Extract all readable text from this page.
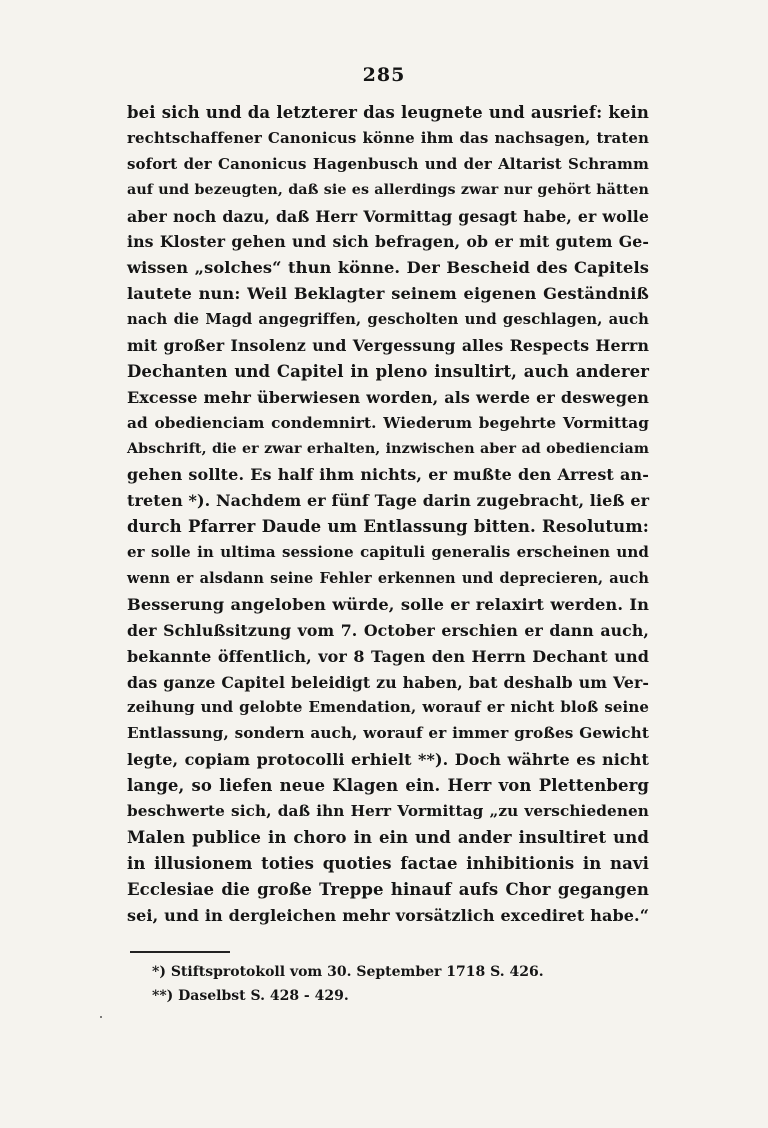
285
bei sich und da letzterer das leugnete und ausrief: kein
rechtschaffener Canonicus könne ihm das nachsagen, traten
sofort der Canonicus Hagenbusch und der Altarist Schramm
auf und bezeugten, daß sie es allerdings zwar nur gehört hätten
aber noch dazu, daß Herr Vormittag gesagt habe, er wolle
ins Kloster gehen und sich befragen, ob er mit gutem Ge-
wissen „solches“ thun könne. Der Bescheid des Capitels
lautete nun: Weil Beklagter seinem eigenen Geständniß
nach die Magd angegriffen, gescholten und geschlagen, auch
mit großer Insolenz und Vergessung alles Respects Herrn
Dechanten und Capitel in pleno insultirt, auch anderer
Excesse mehr überwiesen worden, als werde er deswegen
ad obedienciam condemnirt. Wiederum begehrte Vormittag
Abschrift, die er zwar erhalten, inzwischen aber ad obedienciam
gehen sollte. Es half ihm nichts, er mußte den Arrest an-
treten *). Nachdem er fünf Tage darin zugebracht, ließ er
durch Pfarrer Daude um Entlassung bitten. Resolutum:
er solle in ultima sessione capituli generalis erscheinen und
wenn er alsdann seine Fehler erkennen und deprecieren, auch
Besserung angeloben würde, solle er relaxirt werden. In
der Schlußsitzung vom 7. October erschien er dann auch,
bekannte öffentlich, vor 8 Tagen den Herrn Dechant und
das ganze Capitel beleidigt zu haben, bat deshalb um Ver-
zeihung und gelobte Emendation, worauf er nicht bloß seine
Entlassung, sondern auch, worauf er immer großes Gewicht
legte, copiam protocolli erhielt **). Doch währte es nicht
lange, so liefen neue Klagen ein. Herr von Plettenberg
beschwerte sich, daß ihn Herr Vormittag „zu verschiedenen
Malen publice in choro in ein und ander insultiret und
in illusionem toties quoties factae inhibitionis in navi
Ecclesiae die große Treppe hinauf aufs Chor gegangen
sei, und in dergleichen mehr vorsätzlich excediret habe.“
*) Stiftsprotokoll vom 30. September 1718 S. 426.
**) Daselbst S. 428 - 429.
